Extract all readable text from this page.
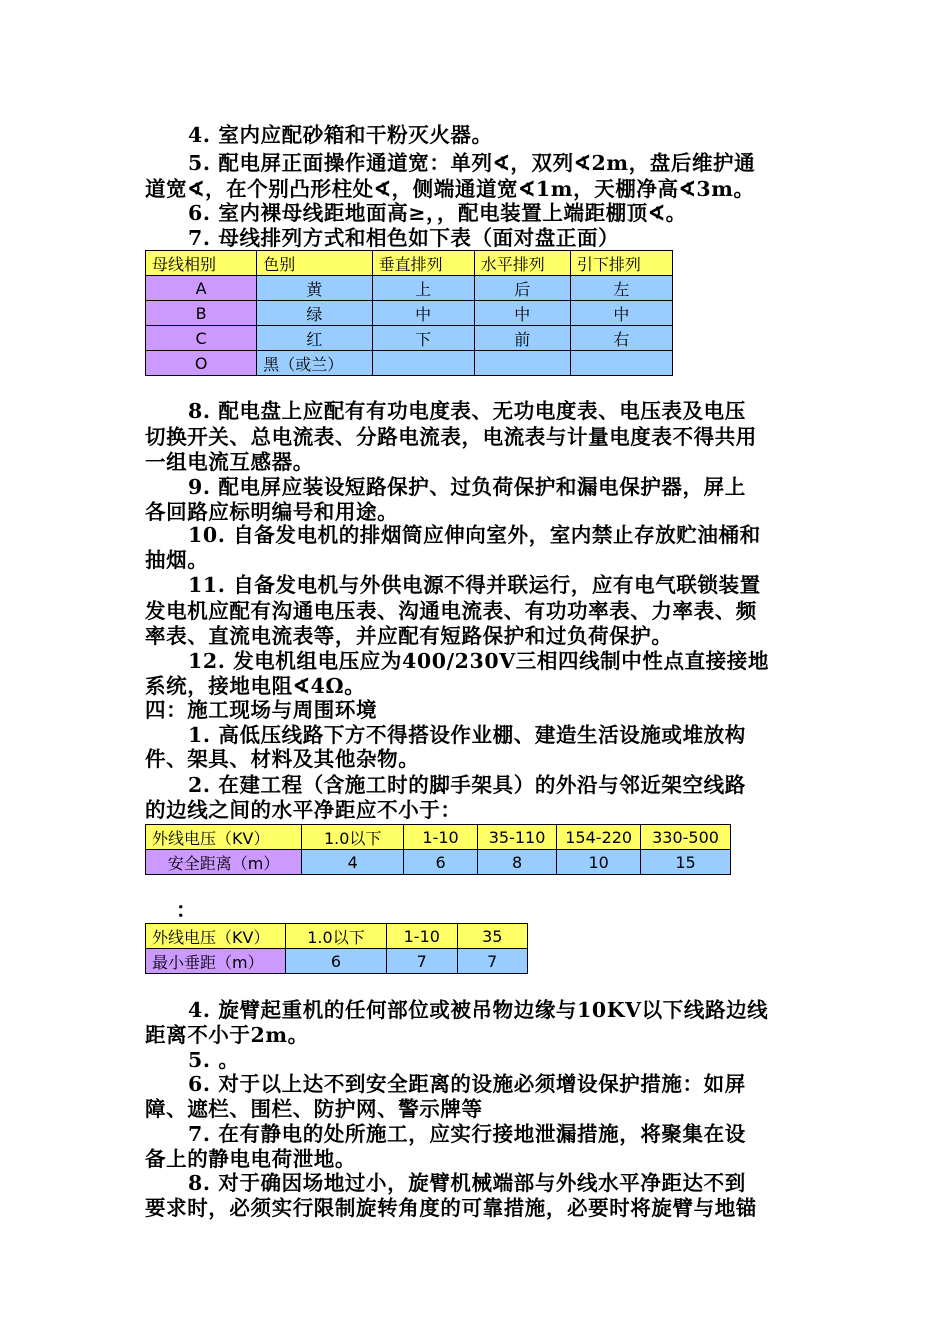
4. 室内应配砂箱和干粉灭火器。
5. 配电屏正面操作通道宽：单列∢，双列∢2m，盘后维护通
道宽∢，在个别凸形柱处∢，侧端通道宽∢1m，天棚净高∢3m。
6. 室内裸母线距地面高≥，，配电装置上端距棚顶∢。
7. 母线排列方式和相色如下表（面对盘正面）
母线相别	色别	垂直排列	水平排列	引下排列
A	黄	上	后	左
B	绿	中	中	中
C	红	下	前	右
O	黑（或兰）			
8. 配电盘上应配有有功电度表、无功电度表、电压表及电压
切换开关、总电流表、分路电流表，电流表与计量电度表不得共用
一组电流互感器。
9. 配电屏应装设短路保护、过负荷保护和漏电保护器，屏上
各回路应标明编号和用途。
10. 自备发电机的排烟筒应伸向室外，室内禁止存放贮油桶和
抽烟。
11. 自备发电机与外供电源不得并联运行，应有电气联锁装置
发电机应配有沟通电压表、沟通电流表、有功功率表、力率表、频
率表、直流电流表等，并应配有短路保护和过负荷保护。
12. 发电机组电压应为400/230V三相四线制中性点直接接地
系统，接地电阻∢4Ω。
四：施工现场与周围环境
1. 高低压线路下方不得搭设作业棚、建造生活设施或堆放构
件、架具、材料及其他杂物。
2. 在建工程（含施工时的脚手架具）的外沿与邻近架空线路
的边线之间的水平净距应不小于：
外线电压（KV）	1.0以下	1-10	35-110	154-220	330-500
安全距离（m）	4	6	8	10	15
：
外线电压（KV）	1.0以下	1-10	35
最小垂距（m）	6	7	7
4. 旋臂起重机的任何部位或被吊物边缘与10KV以下线路边线
距离不小于2m。
5. 。
6. 对于以上达不到安全距离的设施必须增设保护措施：如屏
障、遮栏、围栏、防护网、警示牌等
7. 在有静电的处所施工，应实行接地泄漏措施，将聚集在设
备上的静电电荷泄地。
8. 对于确因场地过小，旋臂机械端部与外线水平净距达不到
要求时，必须实行限制旋转角度的可靠措施，必要时将旋臂与地锚
